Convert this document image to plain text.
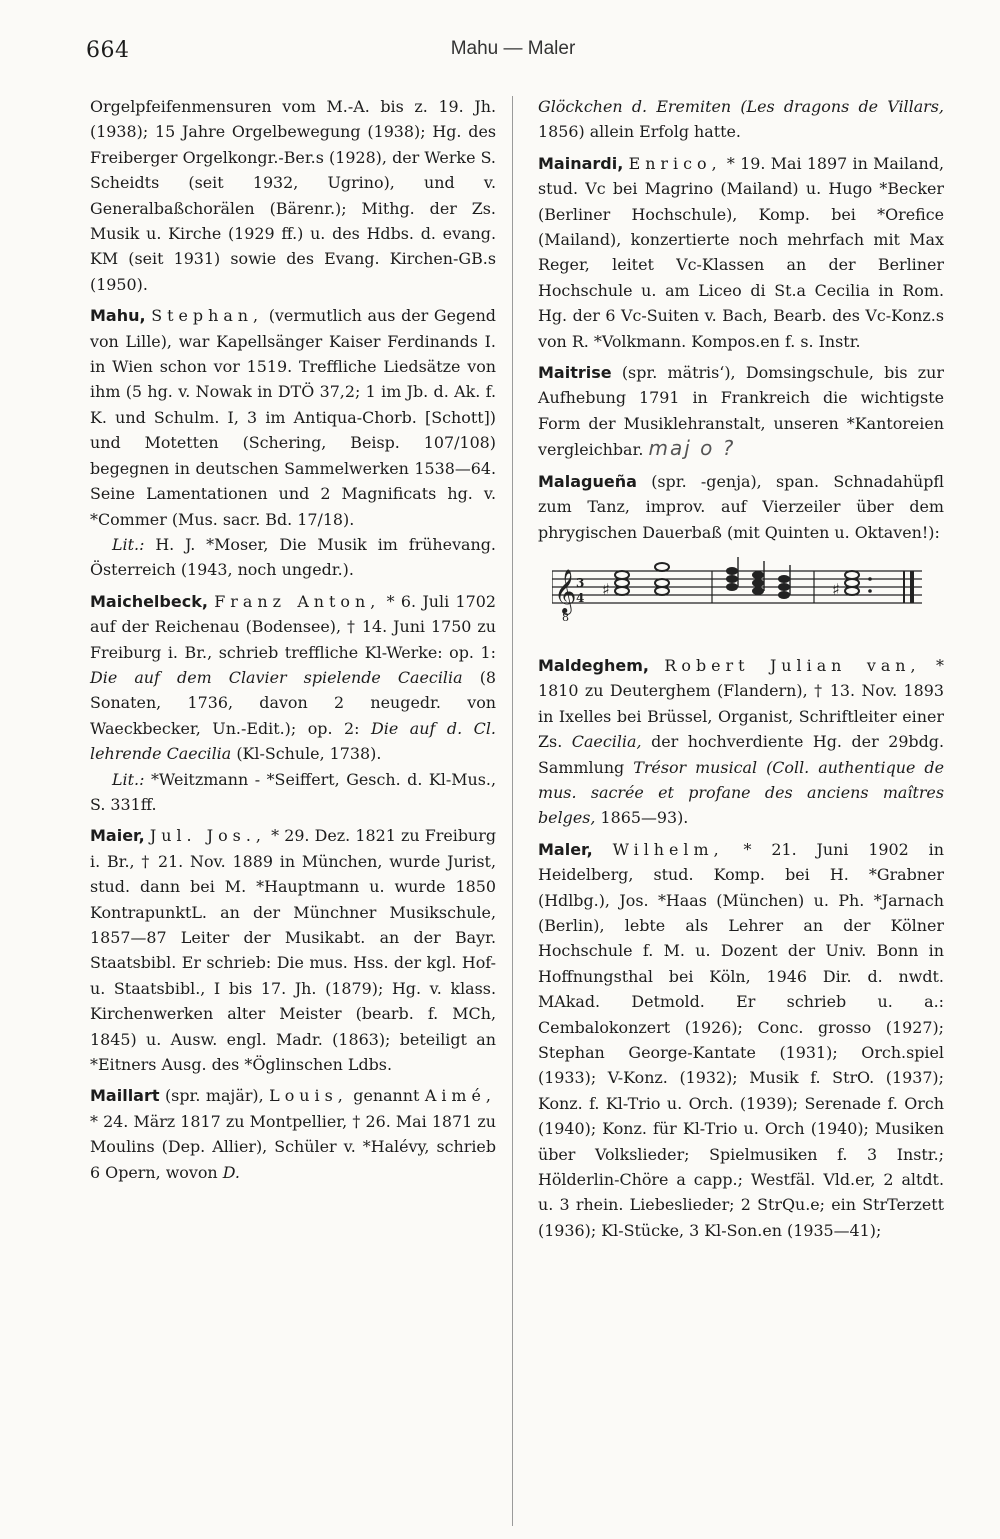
664	Mahu — Maler

Orgelpfeifenmensuren vom M.-A. bis z. 19. Jh. (1938); 15 Jahre Orgelbewegung (1938); Hg. des Freiberger Orgelkongr.-Ber.s (1928), der Werke S. Scheidts (seit 1932, Ugrino), und v. Generalbaßchorälen (Bärenr.); Mithg. der Zs. Musik u. Kirche (1929 ff.) u. des Hdbs. d. evang. KM (seit 1931) sowie des Evang. Kirchen-GB.s (1950).

Mahu, Stephan, (vermutlich aus der Gegend von Lille), war Kapellsänger Kaiser Ferdinands I. in Wien schon vor 1519. Treffliche Liedsätze von ihm (5 hg. v. Nowak in DTÖ 37,2; 1 im Jb. d. Ak. f. K. und Schulm. I, 3 im Antiqua-Chorb. [Schott]) und Motetten (Schering, Beisp. 107/108) begegnen in deutschen Sammelwerken 1538—64. Seine Lamentationen und 2 Magnificats hg. v. *Commer (Mus. sacr. Bd. 17/18).
Lit.: H. J. *Moser, Die Musik im frühevang. Österreich (1943, noch ungedr.).

Maichelbeck, Franz Anton, * 6. Juli 1702 auf der Reichenau (Bodensee), † 14. Juni 1750 zu Freiburg i. Br., schrieb treffliche Kl-Werke: op. 1: Die auf dem Clavier spielende Caecilia (8 Sonaten, 1736, davon 2 neugedr. von Waeckbecker, Un.-Edit.); op. 2: Die auf d. Cl. lehrende Caecilia (Kl-Schule, 1738).
Lit.: *Weitzmann - *Seiffert, Gesch. d. Kl-Mus., S. 331ff.

Maier, Jul. Jos., * 29. Dez. 1821 zu Freiburg i. Br., † 21. Nov. 1889 in München, wurde Jurist, stud. dann bei M. *Hauptmann u. wurde 1850 KontrapunktL. an der Münchner Musikschule, 1857—87 Leiter der Musikabt. an der Bayr. Staatsbibl. Er schrieb: Die mus. Hss. der kgl. Hof- u. Staatsbibl., I bis 17. Jh. (1879); Hg. v. klass. Kirchenwerken alter Meister (bearb. f. MCh, 1845) u. Ausw. engl. Madr. (1863); beteiligt an *Eitners Ausg. des *Öglinschen Ldbs.

Maillart (spr. majär), Louis, genannt Aimé, * 24. März 1817 zu Montpellier, † 26. Mai 1871 zu Moulins (Dep. Allier), Schüler v. *Halévy, schrieb 6 Opern, wovon D.

Glöckchen d. Eremiten (Les dragons de Villars, 1856) allein Erfolg hatte.

Mainardi, Enrico, * 19. Mai 1897 in Mailand, stud. Vc bei Magrino (Mailand) u. Hugo *Becker (Berliner Hochschule), Komp. bei *Orefice (Mailand), konzertierte noch mehrfach mit Max Reger, leitet Vc-Klassen an der Berliner Hochschule u. am Liceo di St.a Cecilia in Rom. Hg. der 6 Vc-Suiten v. Bach, Bearb. des Vc-Konz.s von R. *Volkmann. Kompos.en f. s. Instr.

Maitrise (spr. mätris‘), Domsingschule, bis zur Aufhebung 1791 in Frankreich die wichtigste Form der Musiklehranstalt, unseren *Kantoreien vergleichbar. maj o ?

Malagueña (spr. -genja), span. Schnadahüpfl zum Tanz, improv. auf Vierzeiler über dem phrygischen Dauerbaß (mit Quinten u. Oktaven!):

𝄞
8
3
4 ♯	♯

Maldeghem, Robert Julian van, * 1810 zu Deuterghem (Flandern), † 13. Nov. 1893 in Ixelles bei Brüssel, Organist, Schriftleiter einer Zs. Caecilia, der hochverdiente Hg. der 29bdg. Sammlung Trésor musical (Coll. authentique de mus. sacrée et profane des anciens maîtres belges, 1865—93).

Maler, Wilhelm, * 21. Juni 1902 in Heidelberg, stud. Komp. bei H. *Grabner (Hdlbg.), Jos. *Haas (München) u. Ph. *Jarnach (Berlin), lebte als Lehrer an der Kölner Hochschule f. M. u. Dozent der Univ. Bonn in Hoffnungsthal bei Köln, 1946 Dir. d. nwdt. MAkad. Detmold. Er schrieb u. a.: Cembalokonzert (1926); Conc. grosso (1927); Stephan George-Kantate (1931); Orch.spiel (1933); V-Konz. (1932); Musik f. StrO. (1937); Konz. f. Kl-Trio u. Orch. (1939); Serenade f. Orch (1940); Konz. für Kl-Trio u. Orch (1940); Musiken über Volkslieder; Spielmusiken f. 3 Instr.; Hölderlin-Chöre a capp.; Westfäl. Vld.er, 2 altdt. u. 3 rhein. Liebeslieder; 2 StrQu.e; ein StrTerzett (1936); Kl-Stücke, 3 Kl-Son.en (1935—41);
